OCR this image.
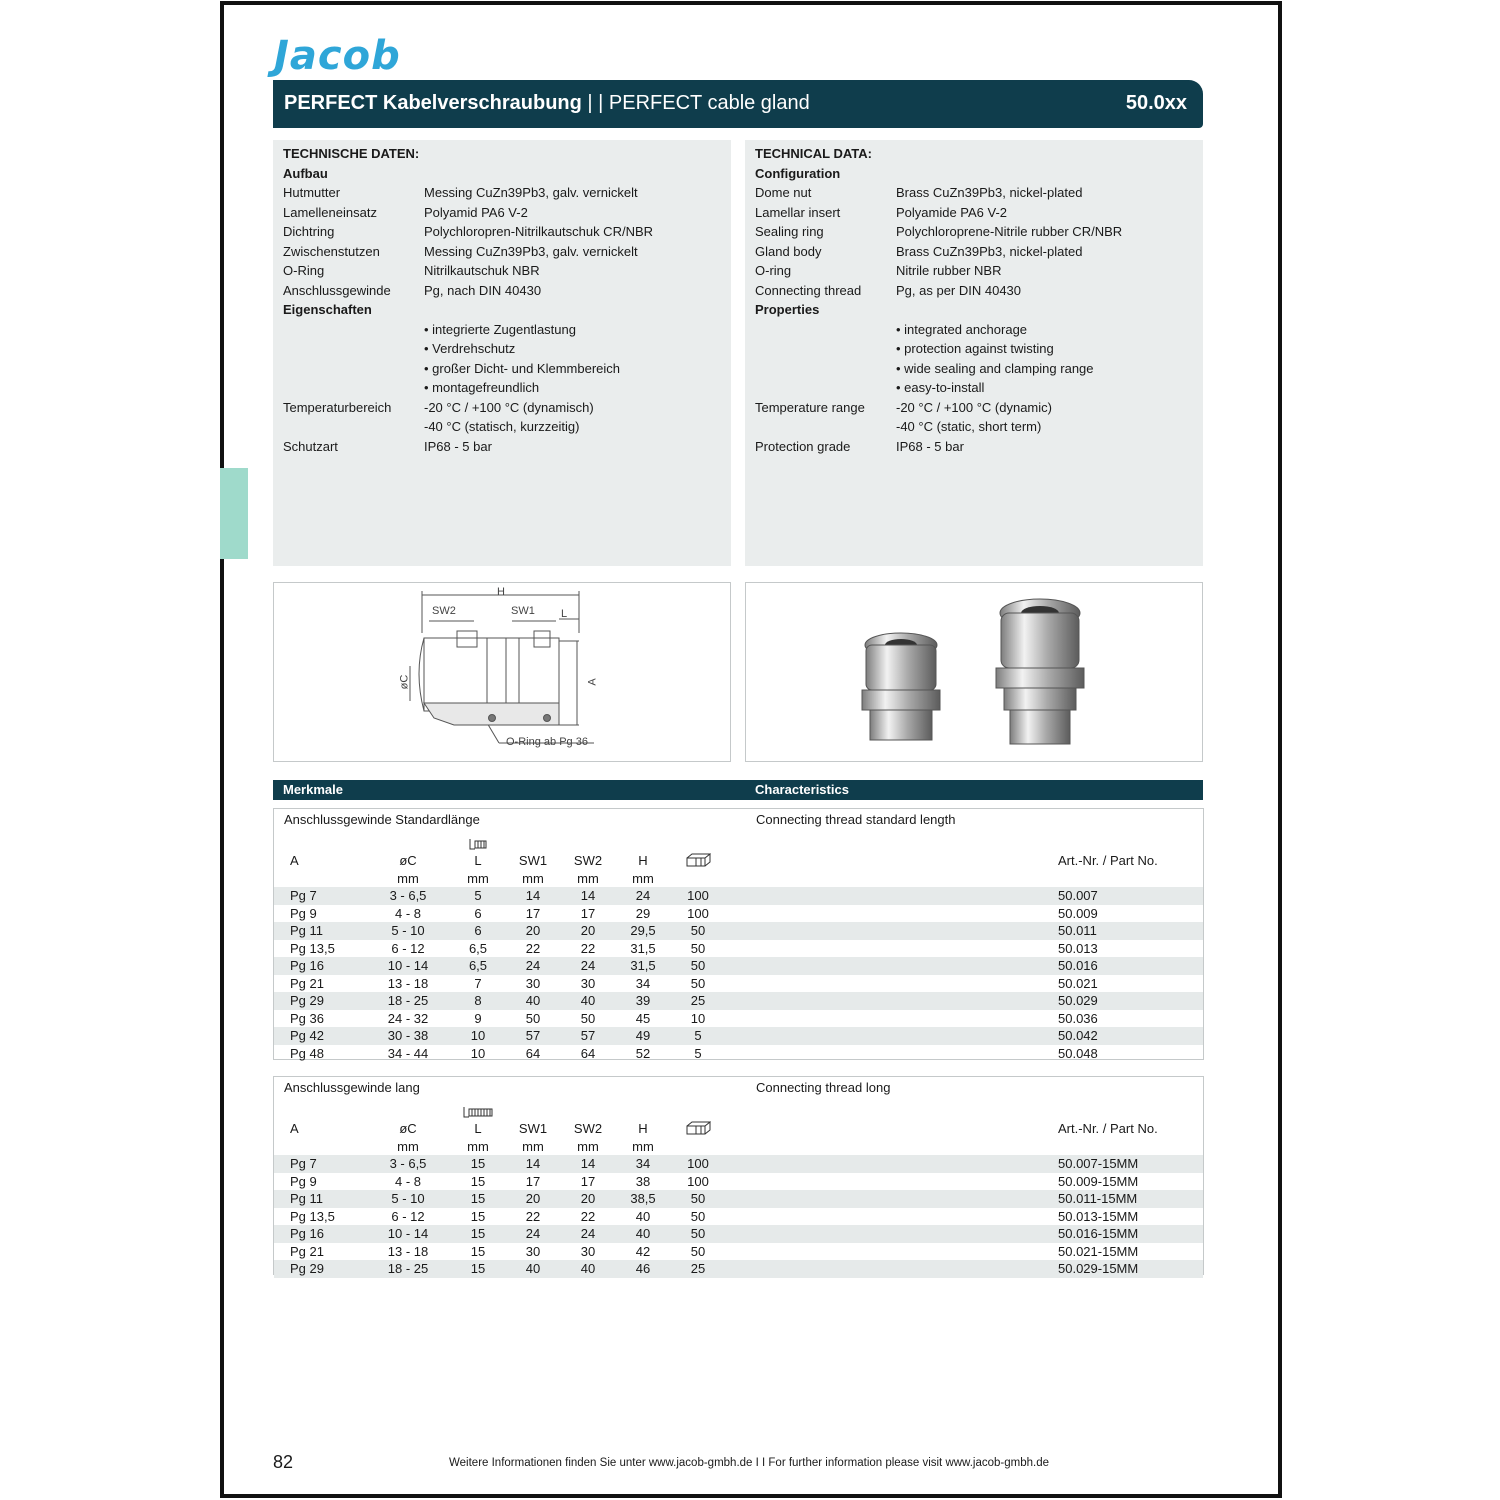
Jacob
PERFECT Kabelverschraubung | | PERFECT cable gland	50.0xx
TECHNISCHE DATEN:
Aufbau
Hutmutter	Messing CuZn39Pb3, galv. vernickelt
Lamelleneinsatz	Polyamid PA6 V-2
Dichtring	Polychloropren-Nitrilkautschuk CR/NBR
Zwischenstutzen	Messing CuZn39Pb3, galv. vernickelt
O-Ring	Nitrilkautschuk NBR
Anschlussgewinde	Pg, nach DIN 40430
Eigenschaften
• integrierte Zugentlastung
• Verdrehschutz
• großer Dicht- und Klemmbereich
• montagefreundlich
Temperaturbereich	-20 °C / +100 °C (dynamisch)
-40 °C (statisch, kurzzeitig)
Schutzart	IP68 - 5 bar
TECHNICAL DATA:
Configuration
Dome nut	Brass CuZn39Pb3, nickel-plated
Lamellar insert	Polyamide PA6 V-2
Sealing ring	Polychloroprene-Nitrile rubber CR/NBR
Gland body	Brass CuZn39Pb3, nickel-plated
O-ring	Nitrile rubber NBR
Connecting thread	Pg, as per DIN 40430
Properties
• integrated anchorage
• protection against twisting
• wide sealing and clamping range
• easy-to-install
Temperature range	-20 °C / +100 °C (dynamic)
-40 °C (static, short term)
Protection grade	IP68 - 5 bar
H
SW2	SW1 L
øC	A
O-Ring ab Pg 36
Merkmale	Characteristics
Anschlussgewinde Standardlänge	Connecting thread standard length
A	øC	L	SW1	SW2	H	Art.-Nr. / Part No.
mm	mm	mm	mm	mm
Pg 7	3 - 6,5	5	14	14	24	100	50.007
Pg 9	4 - 8	6	17	17	29	100	50.009
Pg 11	5 - 10	6	20	20	29,5	50	50.011
Pg 13,5	6 - 12	6,5	22	22	31,5	50	50.013
Pg 16	10 - 14	6,5	24	24	31,5	50	50.016
Pg 21	13 - 18	7	30	30	34	50	50.021
Pg 29	18 - 25	8	40	40	39	25	50.029
Pg 36	24 - 32	9	50	50	45	10	50.036
Pg 42	30 - 38	10	57	57	49	5	50.042
Pg 48	34 - 44	10	64	64	52	5	50.048
Anschlussgewinde lang	Connecting thread long
A	øC	L	SW1	SW2	H	Art.-Nr. / Part No.
mm	mm	mm	mm	mm
Pg 7	3 - 6,5	15	14	14	34	100	50.007-15MM
Pg 9	4 - 8	15	17	17	38	100	50.009-15MM
Pg 11	5 - 10	15	20	20	38,5	50	50.011-15MM
Pg 13,5	6 - 12	15	22	22	40	50	50.013-15MM
Pg 16	10 - 14	15	24	24	40	50	50.016-15MM
Pg 21	13 - 18	15	30	30	42	50	50.021-15MM
Pg 29	18 - 25	15	40	40	46	25	50.029-15MM
82	Weitere Informationen finden Sie unter www.jacob-gmbh.de I I For further information please visit www.jacob-gmbh.de
